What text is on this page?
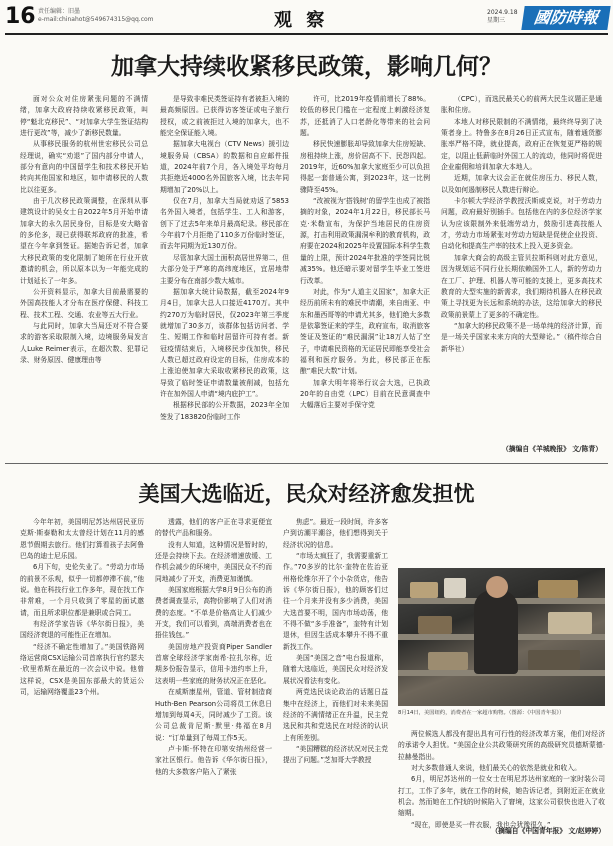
16 责任编辑：旧墨
e-mail:chinahot@549674315@qq.com	观 察	2024.9.18
星期三	國防時報
加拿大持续收紧移民政策，影响几何？

面对公众对住房紧张问题的不满情绪，加拿大政府持续收紧移民政策，叫停“魁北克移民”、“对加拿大学生签证结构进行更改”等，减少了新移民数量。

从事移民服务的杭州世宏移民公司总经理说，确实“劝退”了国内部分申请人，部分有意向的中国留学生和技术移民开始转向其他国家和地区，如申请移民的人数比以往更多。

由于几次移民政策调整，在深圳从事建筑设计的吴女士自2022年5月开始申请加拿大的永久居民身份，目标是安大略省的多伦多，现已获得联邦政府的批准，希望在今年拿到签证。据她告诉记者，加拿大移民政策的变化限制了她所在行业开放邀请的机会，所以原本以为一年能完成的计划延长了一年多。

公开资料显示，加拿大目前最需要的外国高技能人才分布在医疗保健、科技工程、技术工程、交通、农业等五大行业。

与此同时，加拿大当局还对不符合要求的游客采取限制入境，边境服务局发言人Luke Reimer表示，在超次数、犯罪记录、财务原因、健康理由等

是导致非难民类签证持有者被拒入境的最高频原因。已获得访客签证或电子旅行授权，或之前被拒过入境的加拿大，也不能完全保证能入境。

据加拿大电视台（CTV News）援引边境服务局（CBSA）的数据和自应邮件报道，2024年前7个月，各入境处平均每月共拒绝近4000名外国旅客入境，比去年同期增加了20%以上。

仅在7月，加拿大当局就劝返了5853名外国入境者，包括学生、工人和游客，创下了过去5年来单月最高纪录。移民部在今年前7个月拒绝了110多万份临时签证，而去年同期为近130万份。

尽管加拿大国土面积高居世界第二，但大部分处于严寒的高纬度地区，宜居地带主要分布在南部少数大城市。

据加拿大统计局数据，截至2024年9月4日，加拿大总人口接近4170万。其中约270万为临时居民，仅2023年第三季度就增加了30多万，该群体包括访问者、学生、短期工作和临时居留许可持有者。新冠疫情结束后，入境移民步伐加快，移民人数已超过政府设定的目标，住房成本的上涨迫使加拿大采取收紧移民的政策，这导致了临时签证申请数量被削减，包括允许在加外国人申请“境内庇护工”。

根据移民部的公开数据，2023年全加签发了183820份临时工作

许可，比2019年疫情前增长了88%。较低的移民门槛在一定程度上刺激经济复苏，还抵消了人口老龄化等带来的社会问题。

移民快速膨胀却导致加拿大住房短缺、房租持续上涨，房价居高不下、民怨四起。2019年，近60%加拿大家庭至少可以负担得起一套普通公寓，到2023年，这一比例骤降至45%。

“改被视为‘搭钱树’的留学生也成了被指摘的对象，2024年1月22日，移民部长马克·米勒宣布，为保护当地居民的住房资源，打击利用政策漏洞牟利的教育机构，政府要在2024和2025年设置国际本科学生数量的上限，预计2024年批准的学签同比锐减35%。他还暗示要对留学生毕业工签进行改革。

对此，作为“人道主义国家”，加拿大正经历前所未有的难民申请潮，来自南亚、中东和墨西哥等的申请尤其多，他们绝大多数是依靠签证来的学生，政府宣布，取消旅客签证及签证的“难民漏洞”让18万人钻了空子，申请难民资格的无证居民即能享受社会福利和医疗服务。为此，移民部正在酝酿“难民大数”计划。

加拿大明年将举行议会大选，已执政20年的自由党（LPC）目前在民意调查中大幅落后主要对手保守党

（CPC），而选民最关心的前两大民生议题正是通胀和住房。

本地人对移民限制的不满情绪，最终终导到了决策者身上。特鲁多在8月26日正式宣布，随着通货膨胀率严格不降，就业提高，政府正在恢复更严格的规定，以阻止低薪临时外国工人的流动，他同时将促进企业雇佣和培训加拿大本地人。

近期，加拿大议会正在就住房压力、移民人数，以及如何遏制移民人数进行辩论。

卡尔顿大学经济学教授沃斯威克说，对于劳动力问题，政府最好别插手。包括他在内的多位经济学家认为应该限制外来低端劳动力，鼓励引进高技能人才，劳动力市场紧张对劳动力短缺是促使企业投资、自动化和提高生产率的技术上投入更多资金。

加拿大商会的高级主管贝拉斯科则对此方意见，因为规划运不同行业长期依赖国外工人，新的劳动力在工厂、护理、机器人等可能的支援上，更多高技术教育的大型实施的新需求，我们期待机器人在移民政策上寻找更为长远和系统的办法，这给加拿大的移民政策前景蒙上了更多的不确定性。

“加拿大的移民政策不是一场单纯的经济计算，而是一场关乎国家未来方向的大型辩论。”（稿件综合自新华社）

（摘编自《羊城晚报》 文/陈青）
美国大选临近，民众对经济愈发担忧

今年年初，美国明尼苏达州居民亚历克斯·斯泰勒和太太曾经计划在11月的感恩节假期去旅行。他们打算看孩子去阿鲁巴岛的迪士尼乐园。

6月下旬，史伦失业了。“劳动力市场的前景不乐观，似乎一切都停滞不前，”他说。他在科技行业工作多年，现在找工作非常难，一个月只收到了零星的面试邀请，而且所求职位都是兼职或合同工。

有经济学家告诉《华尔街日报》，美国经济衰退的可能性正在增加。

“经济不确定性增加了。”美国铁路网络运营商CSX运输公司首席执行官约瑟夫·欣里希斯在最近的一次会议中说。他曾这样说，CSX是美国东部最大的货运公司，运输网络覆盖23个州。

透露，他们的客户正在寻求更便宜的替代产品和服务。

没有人知道，这种情况是暂时的，还是会持续下去。在经济增速放缓、工作机会减少的环境中，美国民众不约而同地减少了开支，消费更加谨慎。

美国家庭根据大学8月9日公布的消费者调查显示，高物价影响了人们对消费的态度。“不单是价格高让人们减少开支，我们可以看到，高端消费者也在捂住钱包。”

美国房地产投资商Piper Sandler首席全球经济学家南希·拉扎尔称，近期多份报告显示，信用卡违约率上升，这表明一些家庭的财务状况正在恶化。

在威斯康星州，管道、管材制造商Huth-Ben Pearson公司将员工休息日增加到每周4天，同时减少了工资。该公司总裁肯尼斯·默里·弗福在8月说：“订单量到了每周工作5天。

卢卡斯·怀特在印第安纳州经营一家社区银行。他告诉《华尔街日报》，他的大多数客户陷入了紧张

焦虑”。最近一段时间，许多客户到访潮平潮谷，他们想得到关于经济状况的信息。

“市场太疯狂了，我需要重新工作。”70多岁的比尔·奎特在佐治亚州格伦维尔开了个小杂货店，他告诉《华尔街日报》，他的顾客们过往一个月来并没有多少消费，美国大选首要不明，国内市场动荡，他不得不做“多手准备”，奎特有计划退休，但因生活成本攀升不得不重新找工作。

美国“美国之音”电台报道称，随着大选临近，美国民众对经济发展状况看法有变化。

两党选民谈论政治的话题日益集中在经济上，而他们对未来美国经济的不满情绪正在升温，民主党选民和共和党选民在对经济的认识上有所差别。

“美国糟糕的经济状况对民主党提出了问题。”芝加哥大学教授

8月14日，美国纽约，消费者在一家超市购物。（图源：《中国青年报》）

两位候选人都没有提出具有可行性的经济改革方案，他们对经济的承诺令人担忧。“美国企业公共政策研究所的高级研究员德斯蒙德·拉赫曼指出。

对大多数普通人来说，他们最关心的依然是就业和收入。

6月，明尼苏达州的一位女士在明尼苏达州家庭的一家时装公司打工，工作了多年，就在工作的时候，她告诉记者，到附近正在就业机会。然而她在工作找的时候陷入了窘境，这家公司很快也进入了收缩期。

“现在，即使是买一件衣服，我也会犹豫很久。”

（摘编自《中国青年报》 文/赵婷婷）
